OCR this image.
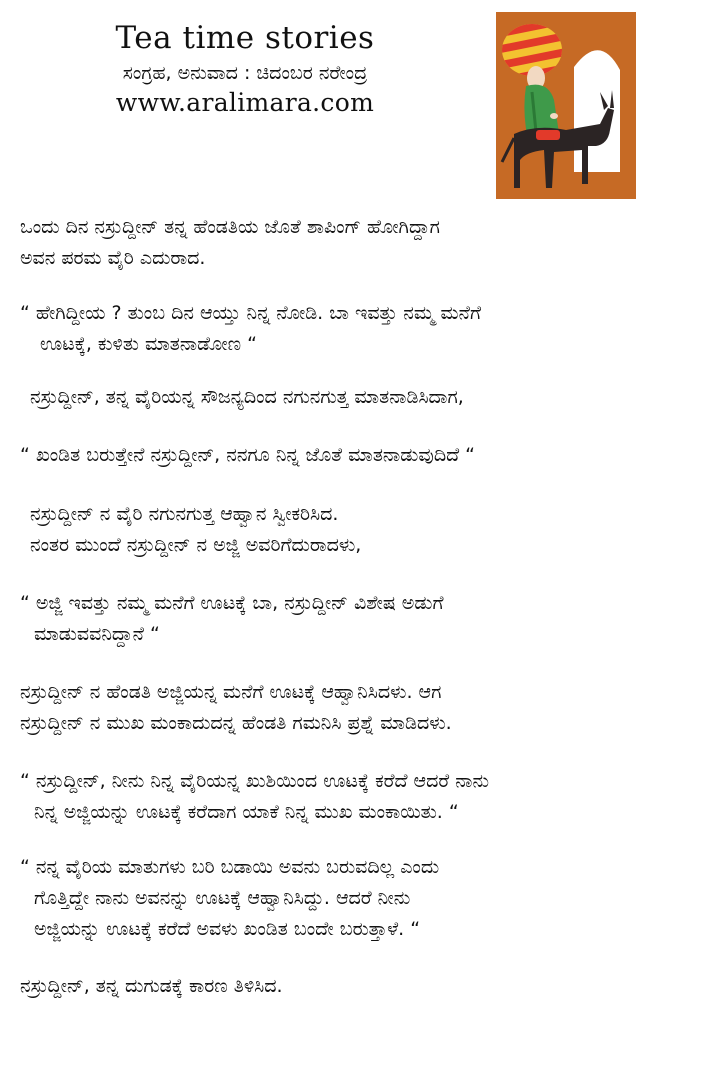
Tea time stories
ಸಂಗ್ರಹ, ಅನುವಾದ : ಚಿದಂಬರ ನರೇಂದ್ರ
www.aralimara.com
ಒಂದು ದಿನ ನಸ್ರುದ್ದೀನ್ ತನ್ನ ಹೆಂಡತಿಯ ಜೊತೆ ಶಾಪಿಂಗ್ ಹೋಗಿದ್ದಾಗ
ಅವನ ಪರಮ ವೈರಿ ಎದುರಾದ.
“ ಹೇಗಿದ್ದೀಯ ? ತುಂಬ ದಿನ ಆಯ್ತು ನಿನ್ನ ನೋಡಿ. ಬಾ ಇವತ್ತು ನಮ್ಮ ಮನೆಗೆ
ಊಟಕ್ಕೆ, ಕುಳಿತು ಮಾತನಾಡೋಣ “
ನಸ್ರುದ್ದೀನ್, ತನ್ನ ವೈರಿಯನ್ನ ಸೌಜನ್ಯದಿಂದ ನಗುನಗುತ್ತ ಮಾತನಾಡಿಸಿದಾಗ,
“ ಖಂಡಿತ ಬರುತ್ತೇನೆ ನಸ್ರುದ್ದೀನ್, ನನಗೂ ನಿನ್ನ ಜೊತೆ ಮಾತನಾಡುವುದಿದೆ “
ನಸ್ರುದ್ದೀನ್ ನ ವೈರಿ ನಗುನಗುತ್ತ ಆಹ್ವಾನ ಸ್ವೀಕರಿಸಿದ.
ನಂತರ ಮುಂದೆ ನಸ್ರುದ್ದೀನ್ ನ ಅಜ್ಜಿ ಅವರಿಗೆದುರಾದಳು,
“ ಅಜ್ಜಿ ಇವತ್ತು ನಮ್ಮ ಮನೆಗೆ ಊಟಕ್ಕೆ ಬಾ, ನಸ್ರುದ್ದೀನ್ ವಿಶೇಷ ಅಡುಗೆ
ಮಾಡುವವನಿದ್ದಾನೆ “
ನಸ್ರುದ್ದೀನ್ ನ ಹೆಂಡತಿ ಅಜ್ಜಿಯನ್ನ ಮನೆಗೆ ಊಟಕ್ಕೆ ಆಹ್ವಾನಿಸಿದಳು. ಆಗ
ನಸ್ರುದ್ದೀನ್ ನ ಮುಖ ಮಂಕಾದುದನ್ನ ಹೆಂಡತಿ ಗಮನಿಸಿ ಪ್ರಶ್ನೆ ಮಾಡಿದಳು.
“ ನಸ್ರುದ್ದೀನ್, ನೀನು ನಿನ್ನ ವೈರಿಯನ್ನ ಖುಶಿಯಿಂದ ಊಟಕ್ಕೆ ಕರೆದೆ ಆದರೆ ನಾನು
ನಿನ್ನ ಅಜ್ಜಿಯನ್ನು ಊಟಕ್ಕೆ ಕರೆದಾಗ ಯಾಕೆ ನಿನ್ನ ಮುಖ ಮಂಕಾಯಿತು. “
“ ನನ್ನ ವೈರಿಯ ಮಾತುಗಳು ಬರಿ ಬಡಾಯಿ ಅವನು ಬರುವದಿಲ್ಲ ಎಂದು
ಗೊತ್ತಿದ್ದೇ ನಾನು ಅವನನ್ನು ಊಟಕ್ಕೆ ಆಹ್ವಾನಿಸಿದ್ದು. ಆದರೆ ನೀನು
ಅಜ್ಜಿಯನ್ನು ಊಟಕ್ಕೆ ಕರೆದೆ ಅವಳು ಖಂಡಿತ ಬಂದೇ ಬರುತ್ತಾಳೆ. “
ನಸ್ರುದ್ದೀನ್, ತನ್ನ ದುಗುಡಕ್ಕೆ ಕಾರಣ ತಿಳಿಸಿದ.
